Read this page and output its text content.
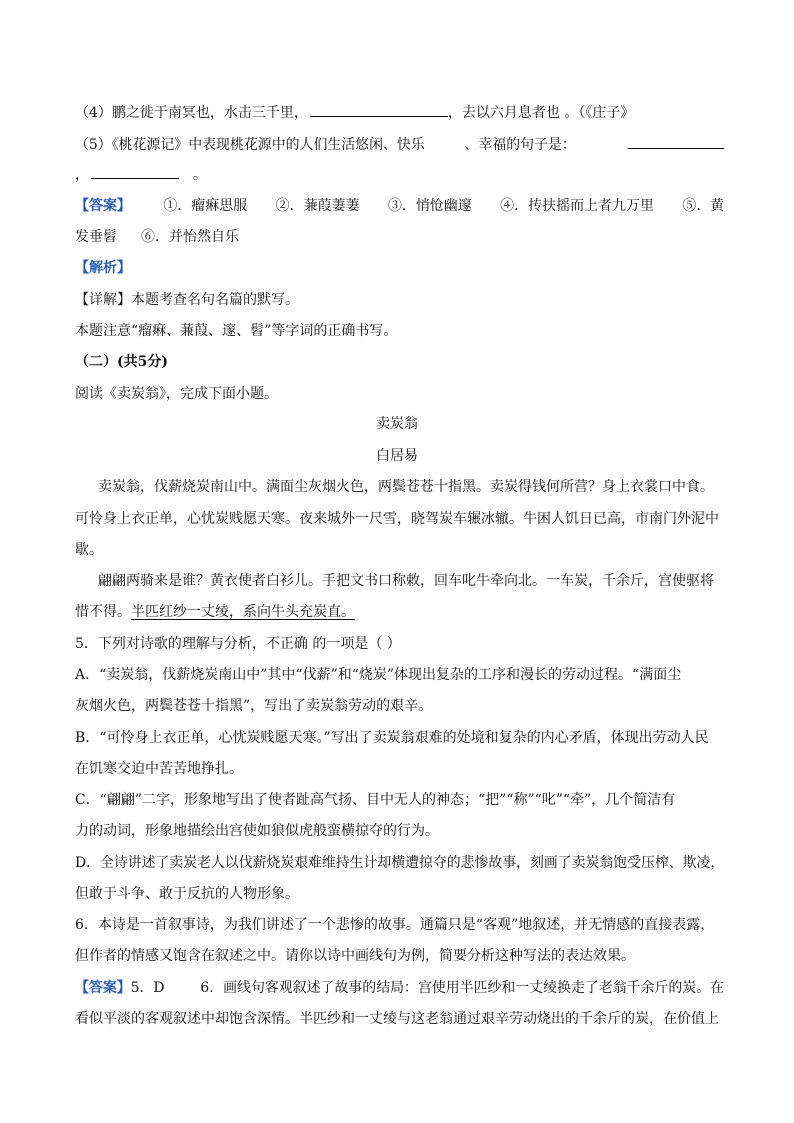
（4）鹏之徙于南冥也，水击三千里，	，去以六月息者也 。（《庄子》
（5）《桃花源记》中表现桃花源中的人们生活悠闲、快乐	、幸福的句子是：
，	。
【答案】 ①．瘤痳思服 ②．蒹葭萋萋 ③．悄怆幽邃 ④．抟扶摇而上者九万里 ⑤．黄
发垂髫 ⑥．并怡然自乐
【解析】
【详解】本题考查名句名篇的默写。
本题注意“瘤痳、蒹葭、邃、髫”等字词的正确书写。
（二）(共5分)
阅读《卖炭翁》，完成下面小题。
卖炭翁
白居易
卖炭翁，伐薪烧炭南山中。满面尘灰烟火色，两鬓苍苍十指黑。卖炭得钱何所营？身上衣裳口中食。
可怜身上衣正单，心忧炭贱愿天寒。夜来城外一尺雪，晓驾炭车辗冰辙。牛困人饥日已高，市南门外泥中
歇。
翩翩两骑来是谁？黄衣使者白衫儿。手把文书口称敕，回车叱牛牵向北。一车炭，千余斤，宫使驱将
惜不得。半匹红纱一丈绫，系向牛头充炭直。
5．下列对诗歌的理解与分析，不正确 的一项是（ ）
A．“卖炭翁，伐薪烧炭南山中”其中“伐薪”和“烧炭”体现出复杂的工序和漫长的劳动过程。“满面尘
灰烟火色，两鬓苍苍十指黑”，写出了卖炭翁劳动的艰辛。
B．“可怜身上衣正单，心忧炭贱愿天寒。”写出了卖炭翁艰难的处境和复杂的内心矛盾，体现出劳动人民
在饥寒交迫中苦苦地挣扎。
C．“翩翩”二字，形象地写出了使者趾高气扬、目中无人的神态；“把”“称”“叱”“牵”，几个简洁有
力的动词，形象地描绘出宫使如狼似虎般蛮横掠夺的行为。
D．全诗讲述了卖炭老人以伐薪烧炭艰难维持生计却横遭掠夺的悲惨故事，刻画了卖炭翁饱受压榨、欺凌，
但敢于斗争、敢于反抗的人物形象。
6．本诗是一首叙事诗，为我们讲述了一个悲惨的故事。通篇只是“客观”地叙述，并无情感的直接表露，
但作者的情感又饱含在叙述之中。请你以诗中画线句为例，简要分析这种写法的表达效果。
【答案】5．D	6．画线句客观叙述了故事的结局：宫使用半匹纱和一丈绫换走了老翁千余斤的炭。在
看似平淡的客观叙述中却饱含深情。半匹纱和一丈绫与这老翁通过艰辛劳动烧出的千余斤的炭，在价值上
